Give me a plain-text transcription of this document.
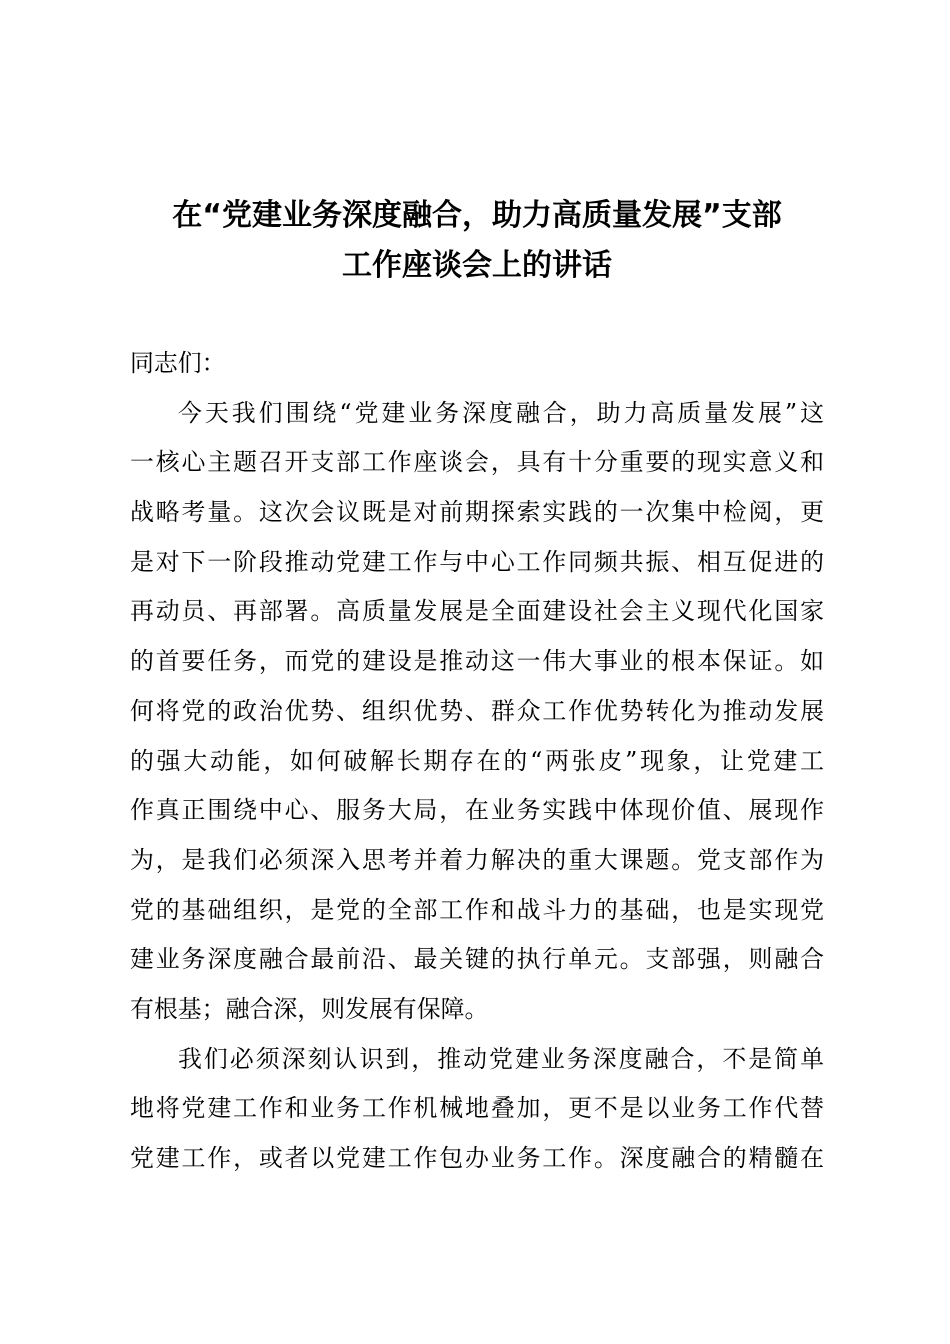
在“党建业务深度融合，助力高质量发展”支部
工作座谈会上的讲话
同志们：
今天我们围绕“党建业务深度融合，助力高质量发展”这
一核心主题召开支部工作座谈会，具有十分重要的现实意义和
战略考量。这次会议既是对前期探索实践的一次集中检阅，更
是对下一阶段推动党建工作与中心工作同频共振、相互促进的
再动员、再部署。高质量发展是全面建设社会主义现代化国家
的首要任务，而党的建设是推动这一伟大事业的根本保证。如
何将党的政治优势、组织优势、群众工作优势转化为推动发展
的强大动能，如何破解长期存在的“两张皮”现象，让党建工
作真正围绕中心、服务大局，在业务实践中体现价值、展现作
为，是我们必须深入思考并着力解决的重大课题。党支部作为
党的基础组织，是党的全部工作和战斗力的基础，也是实现党
建业务深度融合最前沿、最关键的执行单元。支部强，则融合
有根基；融合深，则发展有保障。
我们必须深刻认识到，推动党建业务深度融合，不是简单
地将党建工作和业务工作机械地叠加，更不是以业务工作代替
党建工作，或者以党建工作包办业务工作。深度融合的精髓在
